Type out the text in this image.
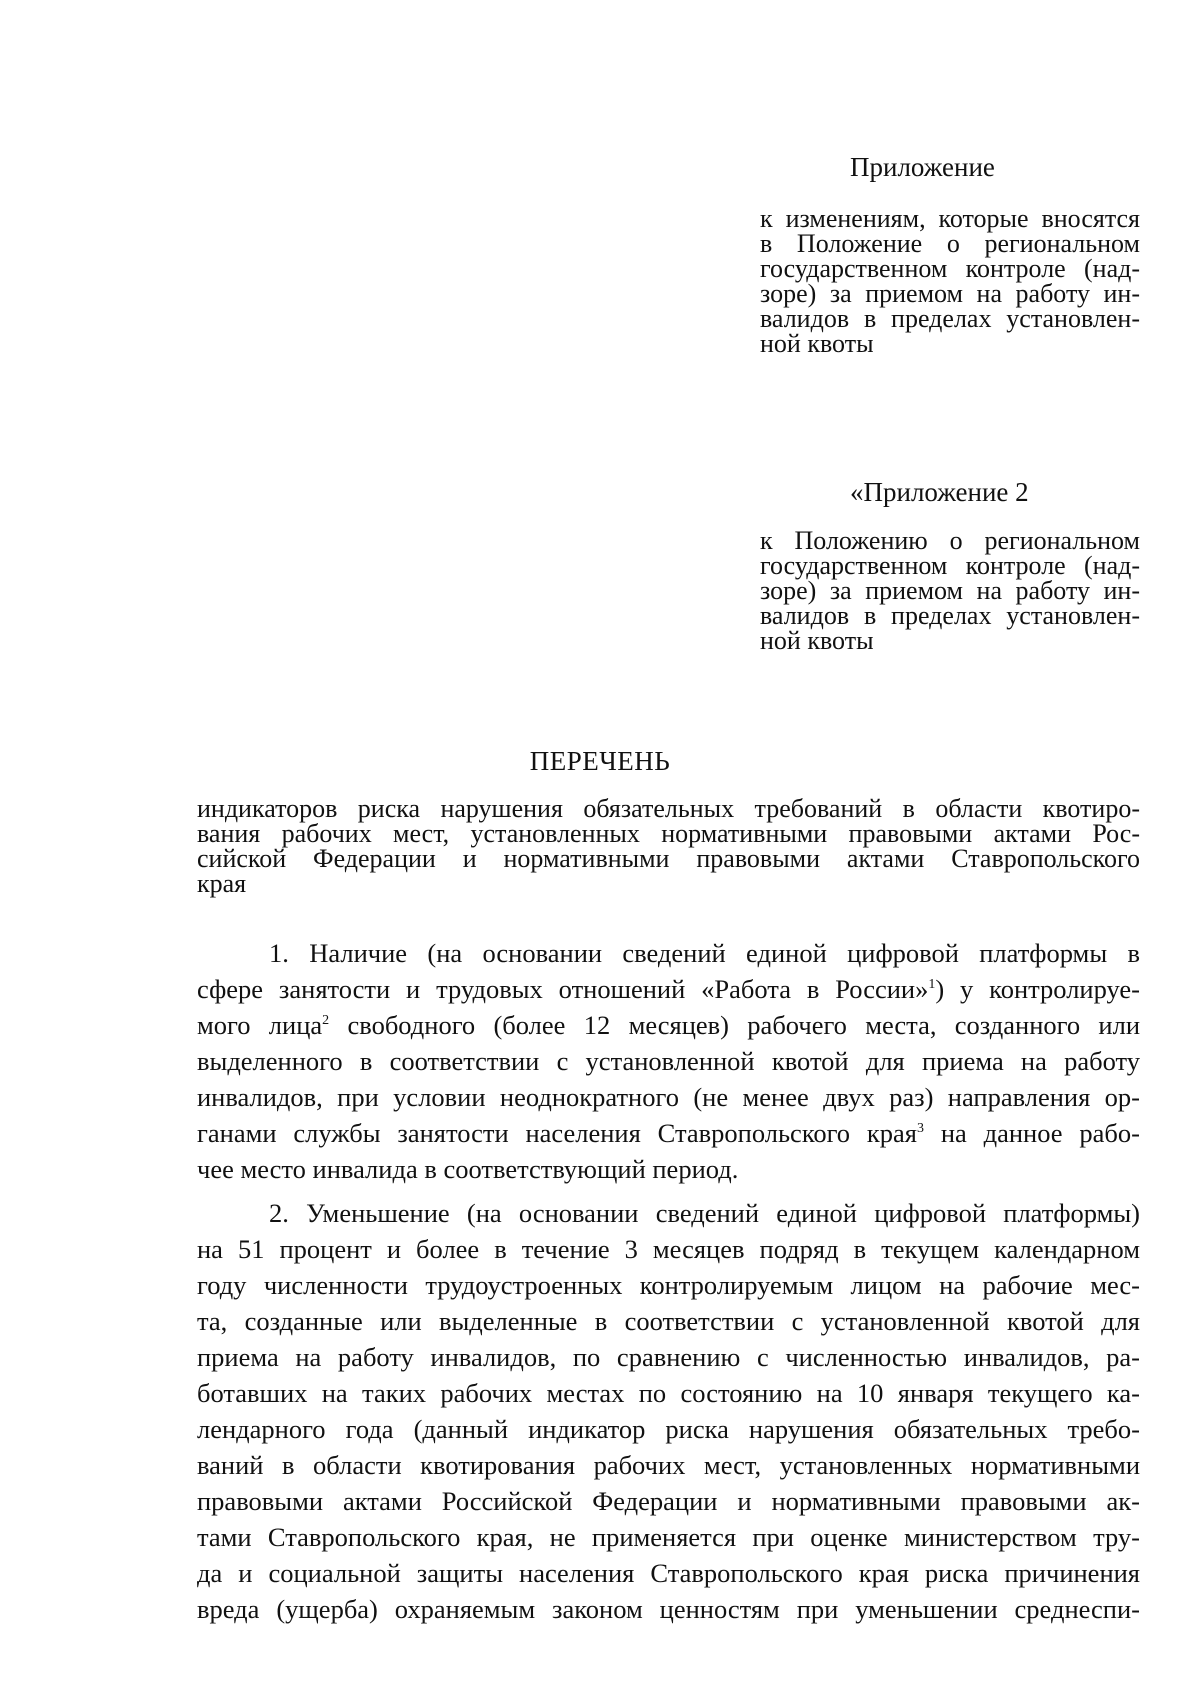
Приложение
к изменениям, которые вносятся
в Положение о региональном
государственном контроле (над-
зоре) за приемом на работу ин-
валидов в пределах установлен-
ной квоты
«Приложение 2
к Положению о региональном
государственном контроле (над-
зоре) за приемом на работу ин-
валидов в пределах установлен-
ной квоты
ПЕРЕЧЕНЬ
индикаторов риска нарушения обязательных требований в области квотиро-
вания рабочих мест, установленных нормативными правовыми актами Рос-
сийской Федерации и нормативными правовыми актами Ставропольского
края
1. Наличие (на основании сведений единой цифровой платформы в
сфере занятости и трудовых отношений «Работа в России»$^1$) у контролируе-
мого лица$^2$ свободного (более 12 месяцев) рабочего места, созданного или
выделенного в соответствии с установленной квотой для приема на работу
инвалидов, при условии неоднократного (не менее двух раз) направления ор-
ганами службы занятости населения Ставропольского края$^3$ на данное рабо-
чее место инвалида в соответствующий период.
2. Уменьшение (на основании сведений единой цифровой платформы)
на 51 процент и более в течение 3 месяцев подряд в текущем календарном
году численности трудоустроенных контролируемым лицом на рабочие мес-
та, созданные или выделенные в соответствии с установленной квотой для
приема на работу инвалидов, по сравнению с численностью инвалидов, ра-
ботавших на таких рабочих местах по состоянию на 10 января текущего ка-
лендарного года (данный индикатор риска нарушения обязательных требо-
ваний в области квотирования рабочих мест, установленных нормативными
правовыми актами Российской Федерации и нормативными правовыми ак-
тами Ставропольского края, не применяется при оценке министерством тру-
да и социальной защиты населения Ставропольского края риска причинения
вреда (ущерба) охраняемым законом ценностям при уменьшении среднеспи-
